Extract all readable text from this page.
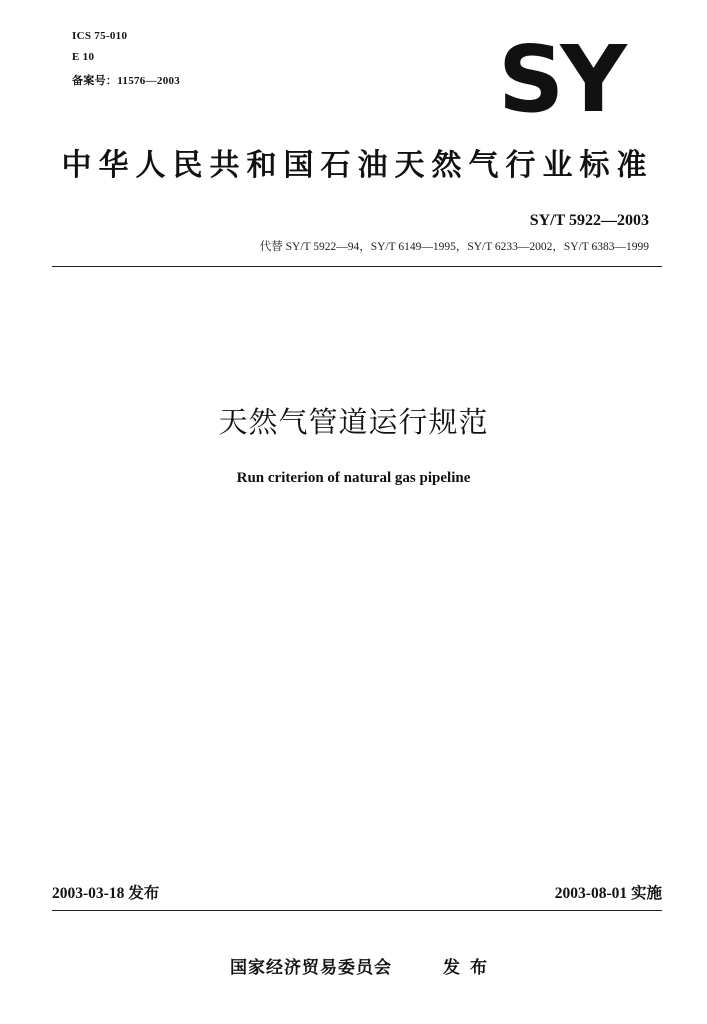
ICS 75-010
E 10
备案号：11576—2003	SY
中华人民共和国石油天然气行业标准
SY/T 5922—2003
代替 SY/T 5922—94，SY/T 6149—1995，SY/T 6233—2002，SY/T 6383—1999
天然气管道运行规范
Run criterion of natural gas pipeline
2003-03-18 发布	2003-08-01 实施
国家经济贸易委员会	发布
